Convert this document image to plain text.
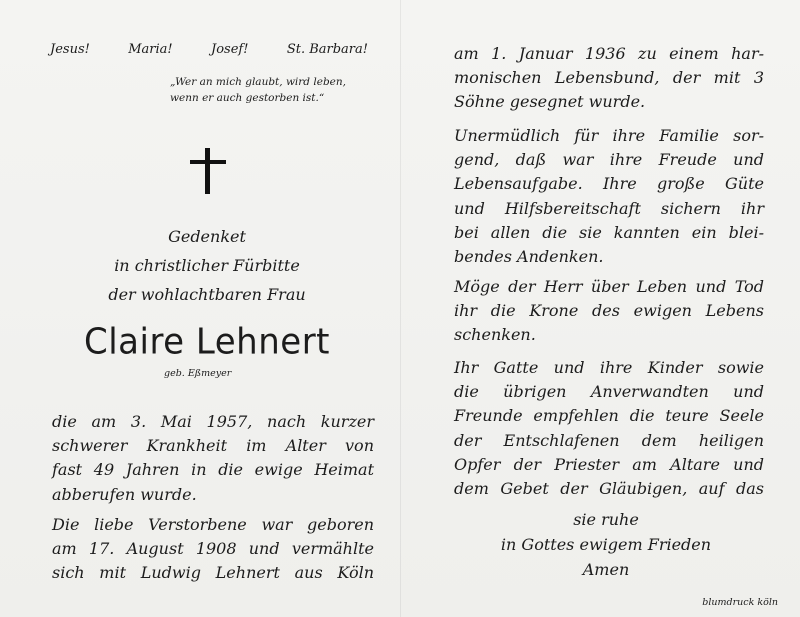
Jesus!	Maria!	Josef!	St. Barbara!
„Wer an mich glaubt, wird leben,
wenn er auch gestorben ist.“
Gedenket
in christlicher Fürbitte
der wohlachtbaren Frau
Claire Lehnert
geb. Eßmeyer
die am 3. Mai 1957, nach kurzer
schwerer Krankheit im Alter von
fast 49 Jahren in die ewige Heimat
abberufen wurde.
Die liebe Verstorbene war geboren
am 17. August 1908 und vermählte
sich mit Ludwig Lehnert aus Köln
am 1. Januar 1936 zu einem har-
monischen Lebensbund, der mit 3
Söhne gesegnet wurde.
Unermüdlich für ihre Familie sor-
gend, daß war ihre Freude und
Lebensaufgabe. Ihre große Güte
und Hilfsbereitschaft sichern ihr
bei allen die sie kannten ein blei-
bendes Andenken.
Möge der Herr über Leben und Tod
ihr die Krone des ewigen Lebens
schenken.
Ihr Gatte und ihre Kinder sowie
die übrigen Anverwandten und
Freunde empfehlen die teure Seele
der Entschlafenen dem heiligen
Opfer der Priester am Altare und
dem Gebet der Gläubigen, auf das
sie ruhe
in Gottes ewigem Frieden
Amen
blumdruck köln
